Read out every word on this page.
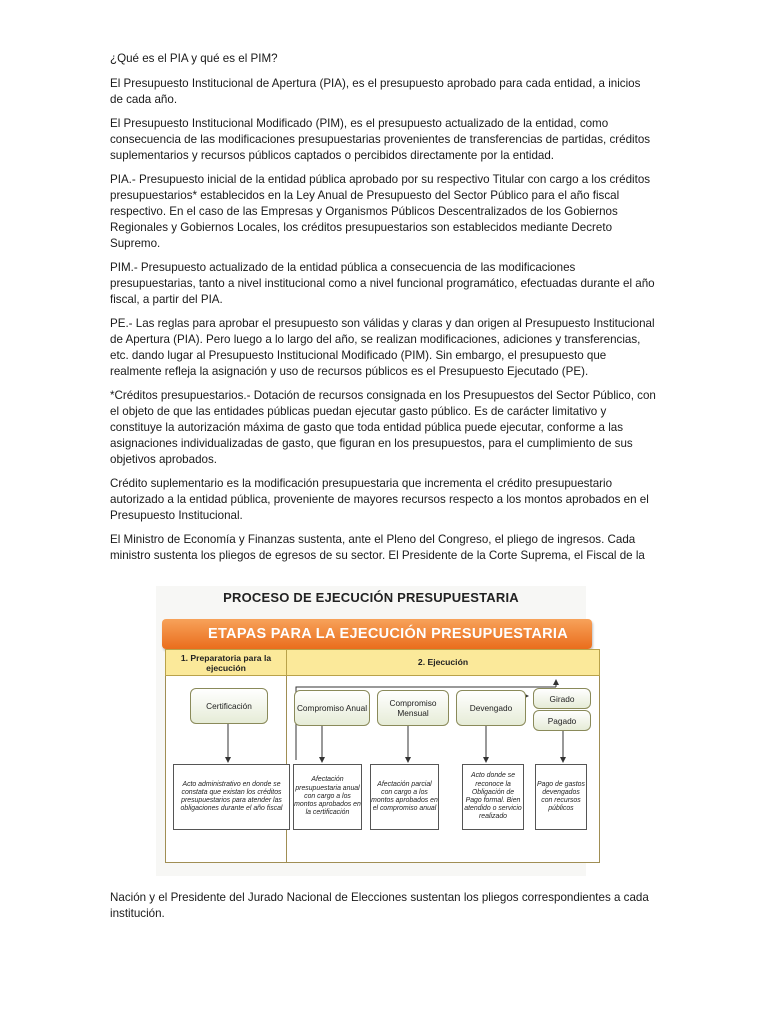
¿Qué es el PIA y qué es el PIM?

El Presupuesto Institucional de Apertura (PIA), es el presupuesto aprobado para cada entidad, a inicios de cada año.

El Presupuesto Institucional Modificado (PIM), es el presupuesto actualizado de la entidad, como consecuencia de las modificaciones presupuestarias provenientes de transferencias de partidas, créditos suplementarios y recursos públicos captados o percibidos directamente por la entidad.

PIA.- Presupuesto inicial de la entidad pública aprobado por su respectivo Titular con cargo a los créditos presupuestarios* establecidos en la Ley Anual de Presupuesto del Sector Público para el año fiscal respectivo. En el caso de las Empresas y Organismos Públicos Descentralizados de los Gobiernos Regionales y Gobiernos Locales, los créditos presupuestarios son establecidos mediante Decreto Supremo.

PIM.- Presupuesto actualizado de la entidad pública a consecuencia de las modificaciones presupuestarias, tanto a nivel institucional como a nivel funcional programático, efectuadas durante el año fiscal, a partir del PIA.

PE.- Las reglas para aprobar el presupuesto son válidas y claras y dan origen al Presupuesto Institucional de Apertura (PIA). Pero luego a lo largo del año, se realizan modificaciones, adiciones y transferencias, etc. dando lugar al Presupuesto Institucional Modificado (PIM). Sin embargo, el presupuesto que realmente refleja la asignación y uso de recursos públicos es el Presupuesto Ejecutado (PE).

*Créditos presupuestarios.- Dotación de recursos consignada en los Presupuestos del Sector Público, con el objeto de que las entidades públicas puedan ejecutar gasto público. Es de carácter limitativo y constituye la autorización máxima de gasto que toda entidad pública puede ejecutar, conforme a las asignaciones individualizadas de gasto, que figuran en los presupuestos, para el cumplimiento de sus objetivos aprobados.

Crédito suplementario es la modificación presupuestaria que incrementa el crédito presupuestario autorizado a la entidad pública, proveniente de mayores recursos respecto a los montos aprobados en el Presupuesto Institucional.

El Ministro de Economía y Finanzas sustenta, ante el Pleno del Congreso, el pliego de ingresos. Cada ministro sustenta los pliegos de egresos de su sector. El Presidente de la Corte Suprema, el Fiscal de la

PROCESO DE EJECUCIÓN PRESUPUESTARIA
ETAPAS PARA LA EJECUCIÓN PRESUPUESTARIA
1. Preparatoria para la ejecución
2. Ejecución
Certificación	Compromiso Anual	Compromiso Mensual	Devengado
Girado
Pagado
Acto administrativo en donde se constata que existan los créditos presupuestarios para atender las obligaciones durante el año fiscal
Afectación presupuestaria anual con cargo a los montos aprobados en la certificación
Afectación parcial con cargo a los montos aprobados en el compromiso anual
Acto donde se reconoce la Obligación de Pago formal. Bien atendido o servicio realizado
Pago de gastos devengados con recursos públicos

Nación y el Presidente del Jurado Nacional de Elecciones sustentan los pliegos correspondientes a cada institución.
